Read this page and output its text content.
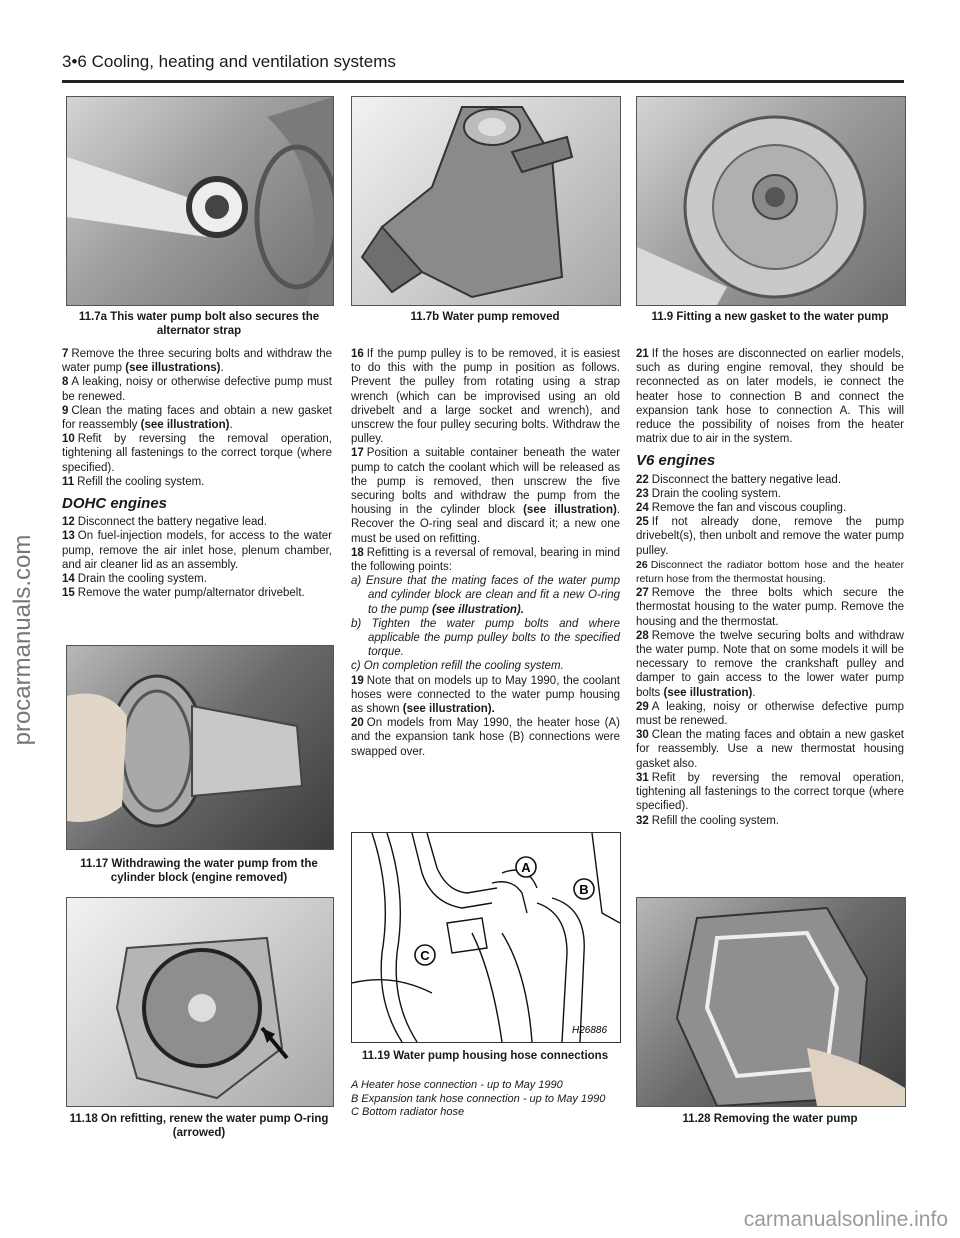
3•6 Cooling, heating and ventilation systems
11.7a This water pump bolt also secures the alternator strap
11.7b Water pump removed	11.9 Fitting a new gasket to the water pump

7 Remove the three securing bolts and withdraw the water pump (see illustrations).

8 A leaking, noisy or otherwise defective pump must be renewed.

9 Clean the mating faces and obtain a new gasket for reassembly (see illustration).

10 Refit by reversing the removal operation, tightening all fastenings to the correct torque (where specified).

11 Refill the cooling system.

DOHC engines

12 Disconnect the battery negative lead.

13 On fuel-injection models, for access to the water pump, remove the air inlet hose, plenum chamber, and air cleaner lid as an assembly.

14 Drain the cooling system.

15 Remove the water pump/alternator drivebelt.

11.17 Withdrawing the water pump from the cylinder block (engine removed)
11.18 On refitting, renew the water pump O-ring (arrowed)

16 If the pump pulley is to be removed, it is easiest to do this with the pump in position as follows. Prevent the pulley from rotating using a strap wrench (which can be improvised using an old drivebelt and a large socket and wrench), and unscrew the four pulley securing bolts. Withdraw the pulley.

17 Position a suitable container beneath the water pump to catch the coolant which will be released as the pump is removed, then unscrew the five securing bolts and withdraw the pump from the housing in the cylinder block (see illustration). Recover the O-ring seal and discard it; a new one must be used on refitting.

18 Refitting is a reversal of removal, bearing in mind the following points:

a) Ensure that the mating faces of the water pump and cylinder block are clean and fit a new O-ring to the pump (see illustration).

b) Tighten the water pump bolts and where applicable the pump pulley bolts to the specified torque.

c) On completion refill the cooling system.

19 Note that on models up to May 1990, the coolant hoses were connected to the water pump housing as shown (see illustration).

20 On models from May 1990, the heater hose (A) and the expansion tank hose (B) connections were swapped over.

A
B
C
H26886
11.19 Water pump housing hose connections

A Heater hose connection - up to May 1990

B Expansion tank hose connection - up to May 1990

C Bottom radiator hose

21 If the hoses are disconnected on earlier models, such as during engine removal, they should be reconnected as on later models, ie connect the heater hose to connection B and connect the expansion tank hose to connection A. This will reduce the possibility of noises from the heater matrix due to air in the system.

V6 engines

22 Disconnect the battery negative lead.

23 Drain the cooling system.

24 Remove the fan and viscous coupling.

25 If not already done, remove the pump drivebelt(s), then unbolt and remove the water pump pulley.

26 Disconnect the radiator bottom hose and the heater return hose from the thermostat housing.

27 Remove the three bolts which secure the thermostat housing to the water pump. Remove the housing and the thermostat.

28 Remove the twelve securing bolts and withdraw the water pump. Note that on some models it will be necessary to remove the crankshaft pulley and damper to gain access to the lower water pump bolts (see illustration).

29 A leaking, noisy or otherwise defective pump must be renewed.

30 Clean the mating faces and obtain a new gasket for reassembly. Use a new thermostat housing gasket also.

31 Refit by reversing the removal operation, tightening all fastenings to the correct torque (where specified).

32 Refill the cooling system.

11.28 Removing the water pump
procarmanuals.com
carmanualsonline.info
